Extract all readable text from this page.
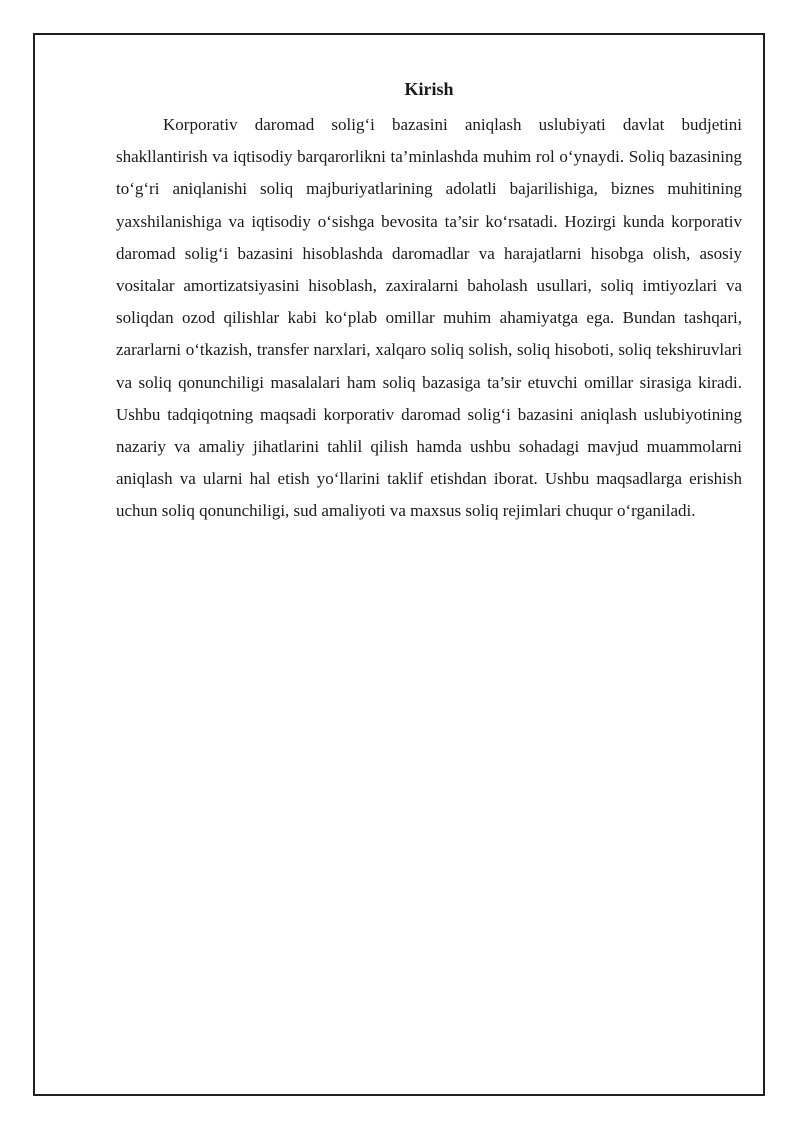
Kirish

Korporativ daromad solig‘i bazasini aniqlash uslubiyati davlat budjetini shakllantirish va iqtisodiy barqarorlikni ta’minlashda muhim rol o‘ynaydi. Soliq bazasining to‘g‘ri aniqlanishi soliq majburiyatlarining adolatli bajarilishiga, biznes muhitining yaxshilanishiga va iqtisodiy o‘sishga bevosita ta’sir ko‘rsatadi. Hozirgi kunda korporativ daromad solig‘i bazasini hisoblashda daromadlar va harajatlarni hisobga olish, asosiy vositalar amortizatsiyasini hisoblash, zaxiralarni baholash usullari, soliq imtiyozlari va soliqdan ozod qilishlar kabi ko‘plab omillar muhim ahamiyatga ega. Bundan tashqari, zararlarni o‘tkazish, transfer narxlari, xalqaro soliq solish, soliq hisoboti, soliq tekshiruvlari va soliq qonunchiligi masalalari ham soliq bazasiga ta’sir etuvchi omillar sirasiga kiradi. Ushbu tadqiqotning maqsadi korporativ daromad solig‘i bazasini aniqlash uslubiyotining nazariy va amaliy jihatlarini tahlil qilish hamda ushbu sohadagi mavjud muammolarni aniqlash va ularni hal etish yo‘llarini taklif etishdan iborat. Ushbu maqsadlarga erishish uchun soliq qonunchiligi, sud amaliyoti va maxsus soliq rejimlari chuqur o‘rganiladi.
